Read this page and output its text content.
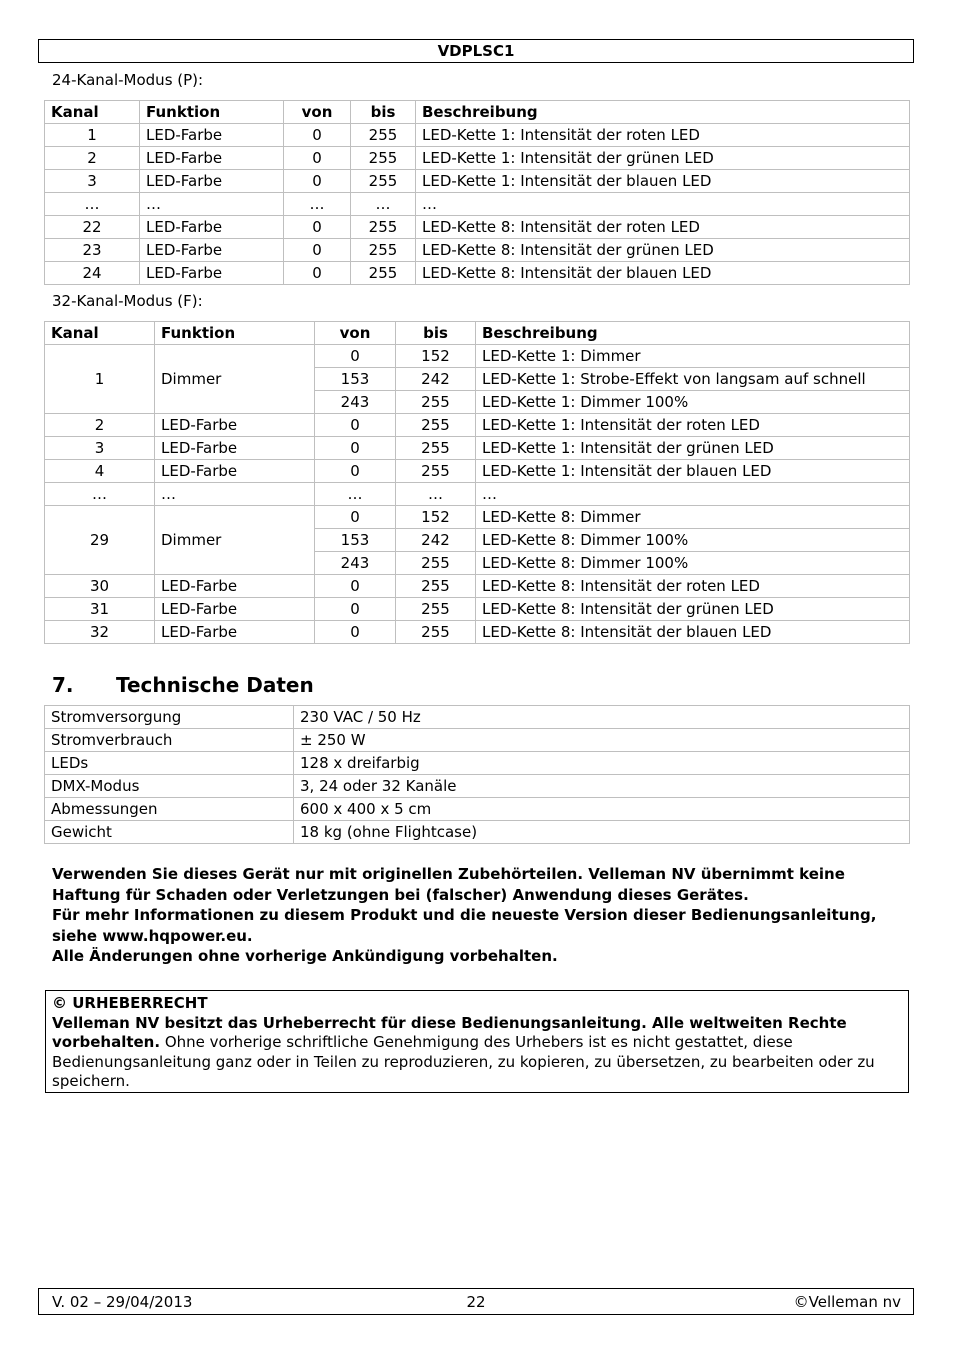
VDPLSC1
24-Kanal-Modus (P):
Kanal	Funktion	von	bis	Beschreibung
1	LED-Farbe	0	255	LED-Kette 1: Intensität der roten LED
2	LED-Farbe	0	255	LED-Kette 1: Intensität der grünen LED
3	LED-Farbe	0	255	LED-Kette 1: Intensität der blauen LED
…	…	…	…	…
22	LED-Farbe	0	255	LED-Kette 8: Intensität der roten LED
23	LED-Farbe	0	255	LED-Kette 8: Intensität der grünen LED
24	LED-Farbe	0	255	LED-Kette 8: Intensität der blauen LED
32-Kanal-Modus (F):
Kanal	Funktion	von	bis	Beschreibung
1	Dimmer	0	152	LED-Kette 1: Dimmer
		153	242	LED-Kette 1: Strobe-Effekt von langsam auf schnell
		243	255	LED-Kette 1: Dimmer 100%
2	LED-Farbe	0	255	LED-Kette 1: Intensität der roten LED
3	LED-Farbe	0	255	LED-Kette 1: Intensität der grünen LED
4	LED-Farbe	0	255	LED-Kette 1: Intensität der blauen LED
…	…	…	…	…
29	Dimmer	0	152	LED-Kette 8: Dimmer
		153	242	LED-Kette 8: Dimmer 100%
		243	255	LED-Kette 8: Dimmer 100%
30	LED-Farbe	0	255	LED-Kette 8: Intensität der roten LED
31	LED-Farbe	0	255	LED-Kette 8: Intensität der grünen LED
32	LED-Farbe	0	255	LED-Kette 8: Intensität der blauen LED
7. Technische Daten
Stromversorgung	230 VAC / 50 Hz
Stromverbrauch	± 250 W
LEDs	128 x dreifarbig
DMX-Modus	3, 24 oder 32 Kanäle
Abmessungen	600 x 400 x 5 cm
Gewicht	18 kg (ohne Flightcase)
Verwenden Sie dieses Gerät nur mit originellen Zubehörteilen. Velleman NV übernimmt keine Haftung für Schaden oder Verletzungen bei (falscher) Anwendung dieses Gerätes.
Für mehr Informationen zu diesem Produkt und die neueste Version dieser Bedienungsanleitung, siehe www.hqpower.eu.
Alle Änderungen ohne vorherige Ankündigung vorbehalten.
© URHEBERRECHT
Velleman NV besitzt das Urheberrecht für diese Bedienungsanleitung. Alle weltweiten Rechte vorbehalten. Ohne vorherige schriftliche Genehmigung des Urhebers ist es nicht gestattet, diese Bedienungsanleitung ganz oder in Teilen zu reproduzieren, zu kopieren, zu übersetzen, zu bearbeiten oder zu speichern.
V. 02 – 29/04/2013	22	©Velleman nv
